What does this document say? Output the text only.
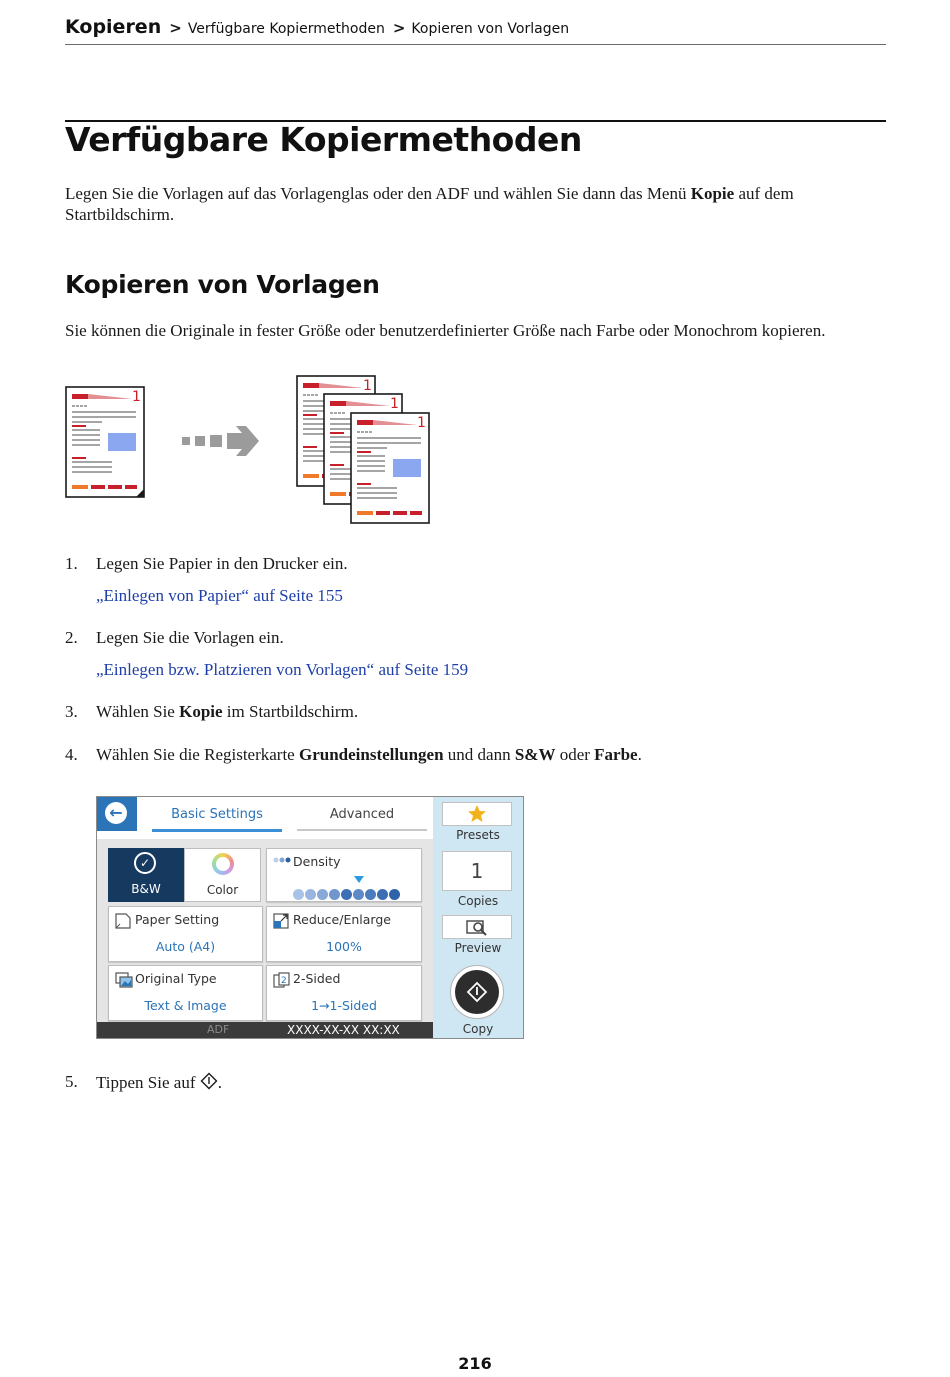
Kopieren > Verfügbare Kopiermethoden > Kopieren von Vorlagen
Verfügbare Kopiermethoden

Legen Sie die Vorlagen auf das Vorlagenglas oder den ADF und wählen Sie dann das Menü Kopie auf dem Startbildschirm.

Kopieren von Vorlagen

Sie können die Originale in fester Größe oder benutzerdefinierter Größe nach Farbe oder Monochrom kopieren.

1
1
1
1
1. Legen Sie Papier in den Drucker ein.
„Einlegen von Papier“ auf Seite 155
2. Legen Sie die Vorlagen ein.
„Einlegen bzw. Platzieren von Vorlagen“ auf Seite 159
3. Wählen Sie Kopie im Startbildschirm.
4. Wählen Sie die Registerkarte Grundeinstellungen und dann S&W oder Farbe.
←	Basic Settings	Advanced
✓
B&W	Color
Density
Paper Setting
Auto (A4)
Reduce/Enlarge
100%
Original Type
Text & Image
2 2-Sided
1→1-Sided
ADF	XXXX-XX-XX XX:XX
Presets
1
Copies
Preview
Copy
5. Tippen Sie auf .
216
